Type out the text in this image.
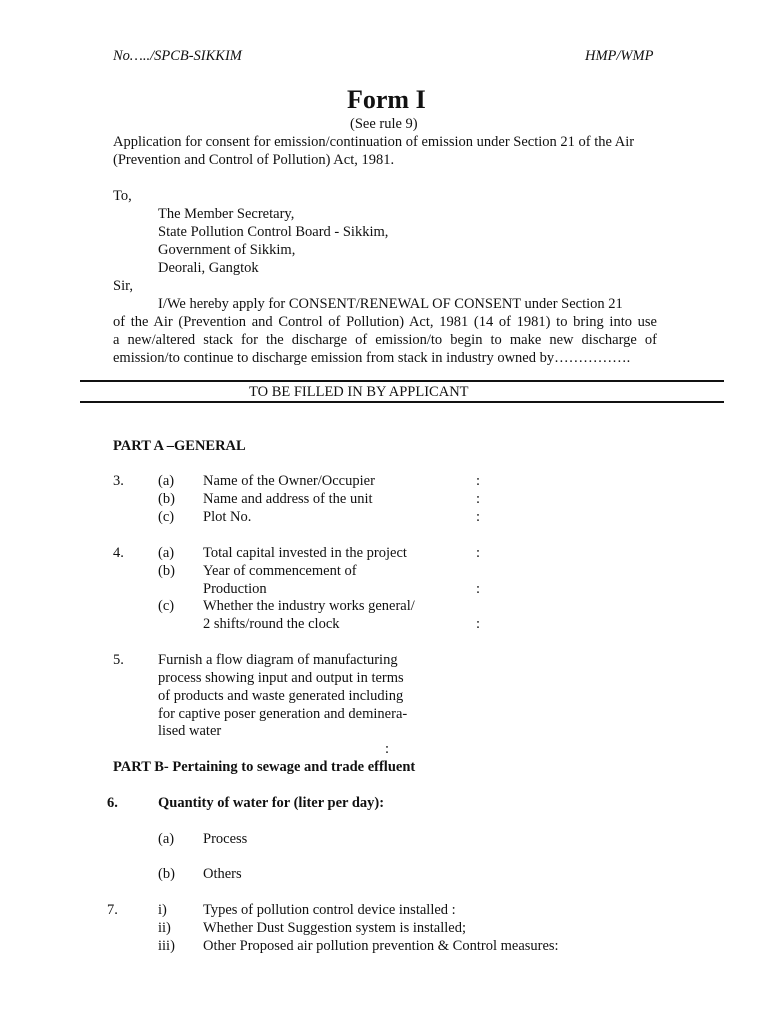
No…../SPCB-SIKKIM	HMP/WMP
Form I
(See rule 9)
Application for consent for emission/continuation of emission under Section 21 of the Air
(Prevention and Control of Pollution) Act, 1981.
To,
The Member Secretary,
State Pollution Control Board - Sikkim,
Government of Sikkim,
Deorali, Gangtok
Sir,
I/We hereby apply for CONSENT/RENEWAL OF CONSENT under Section 21
of the Air (Prevention and Control of Pollution) Act, 1981 (14 of 1981) to bring into use
a new/altered stack for the discharge of emission/to begin to make new discharge of
emission/to continue to discharge emission from stack in industry owned by…………….
TO BE FILLED IN BY APPLICANT
PART A –GENERAL
3. (a) Name of the Owner/Occupier	:
(b) Name and address of the unit	:
(c) Plot No.	:
4. (a) Total capital invested in the project	:
(b) Year of commencement of
Production	:
(c) Whether the industry works general/
2 shifts/round the clock	:
5. Furnish a flow diagram of manufacturing
process showing input and output in terms
of products and waste generated including
for captive poser generation and deminera-
lised water
:
PART B- Pertaining to sewage and trade effluent
6.	Quantity of water for (liter per day):
(a) Process
(b) Others
7.	i) Types of pollution control device installed :
ii) Whether Dust Suggestion system is installed;
iii) Other Proposed air pollution prevention & Control measures:
